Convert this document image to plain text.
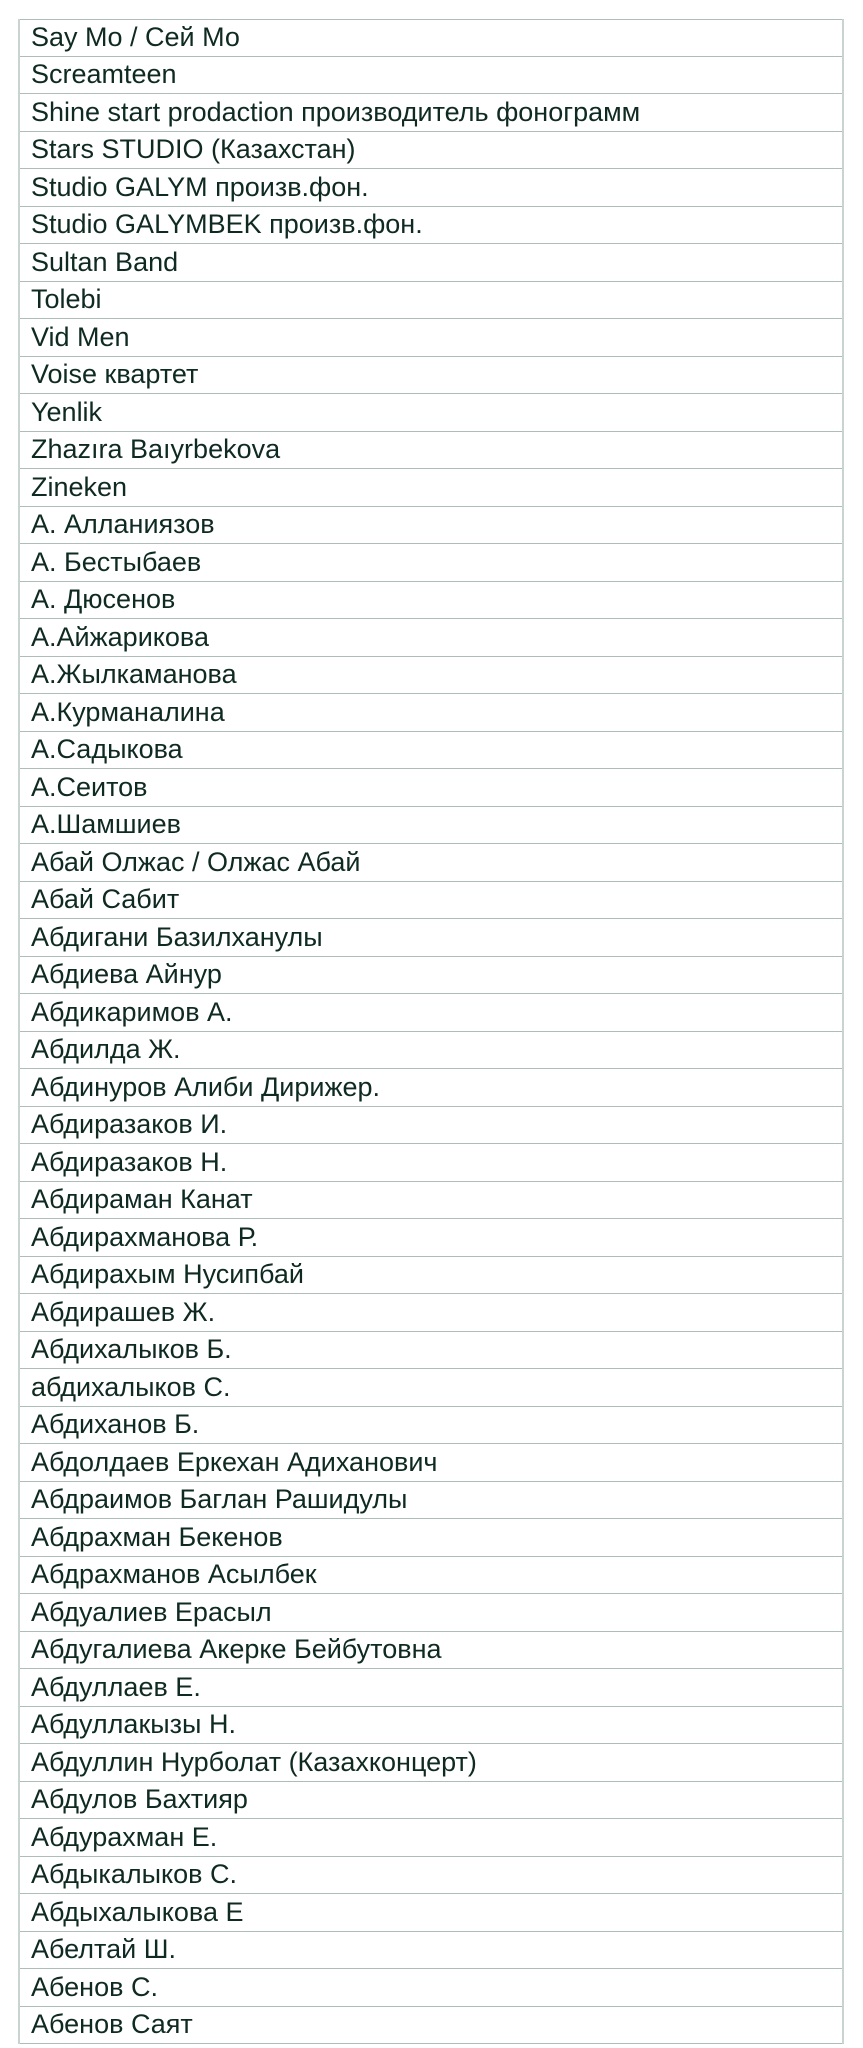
Say Mo / Сей Мо
Screamteen
Shine start prodaction производитель фонограмм
Stars STUDIO (Казахстан)
Studio GALYM произв.фон.
Studio GALYMBEK произв.фон.
Sultan Band
Tolebi
Vid Men
Voise квартет
Yenlik
Zhazıra Baıyrbekova
Zineken
А. Алланиязов
А. Бестыбаев
А. Дюсенов
А.Айжарикова
А.Жылкаманова
А.Курманалина
А.Садыкова
А.Сеитов
А.Шамшиев
Абай Олжас / Олжас Абай
Абай Сабит
Абдигани Базилханулы
Абдиева Айнур
Абдикаримов А.
Абдилда Ж.
Абдинуров Алиби Дирижер.
Абдиразаков И.
Абдиразаков Н.
Абдираман Канат
Абдирахманова Р.
Абдирахым Нусипбай
Абдирашев Ж.
Абдихалыков Б.
абдихалыков С.
Абдиханов Б.
Абдолдаев Еркехан Адиханович
Абдраимов Баглан Рашидулы
Абдрахман Бекенов
Абдрахманов Асылбек
Абдуалиев Ерасыл
Абдугалиева Акерке Бейбутовна
Абдуллаев Е.
Абдуллакызы Н.
Абдуллин Нурболат (Казахконцерт)
Абдулов Бахтияр
Абдурахман Е.
Абдыкалыков С.
Абдыхалыкова Е
Абелтай Ш.
Абенов С.
Абенов Саят
